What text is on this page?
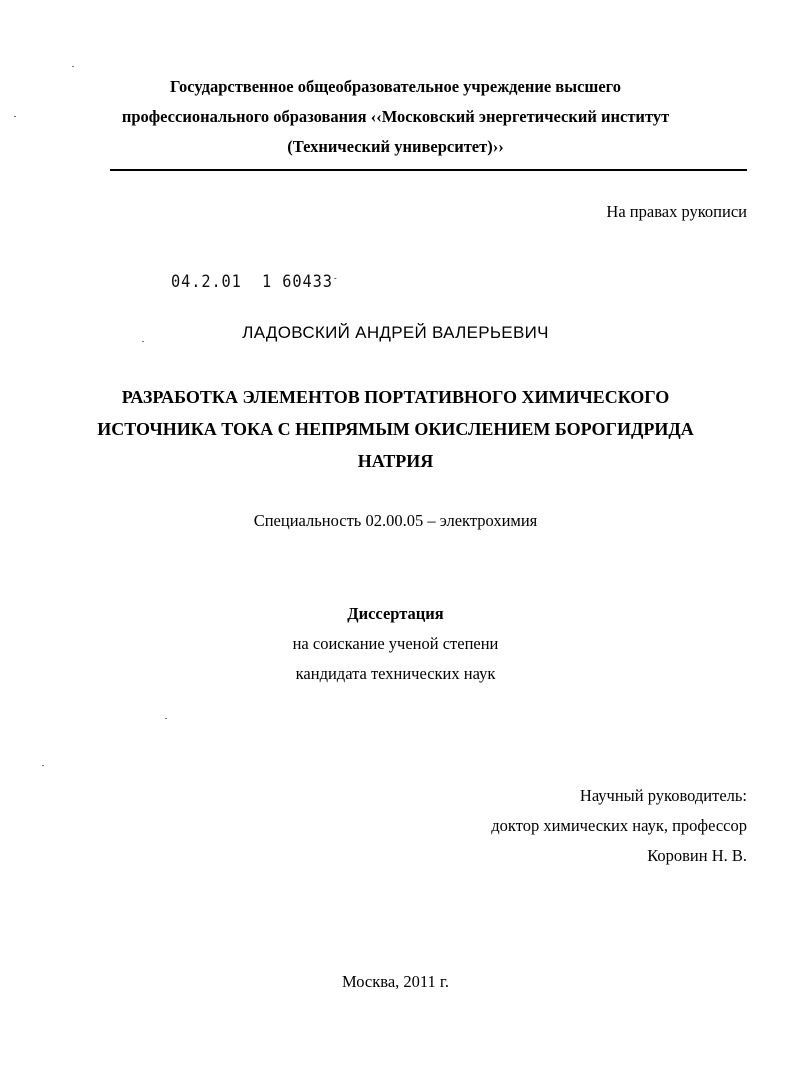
Государственное общеобразовательное учреждение высшего
профессионального образования ‹‹Московский энергетический институт
(Технический университет)››
На правах рукописи
04.2.01 1 60433-
ЛАДОВСКИЙ АНДРЕЙ ВАЛЕРЬЕВИЧ
РАЗРАБОТКА ЭЛЕМЕНТОВ ПОРТАТИВНОГО ХИМИЧЕСКОГО
ИСТОЧНИКА ТОКА С НЕПРЯМЫМ ОКИСЛЕНИЕМ БОРОГИДРИДА
НАТРИЯ
Специальность 02.00.05 – электрохимия
Диссертация
на соискание ученой степени
кандидата технических наук
Научный руководитель:
доктор химических наук, профессор
Коровин Н. В.
Москва, 2011 г.
